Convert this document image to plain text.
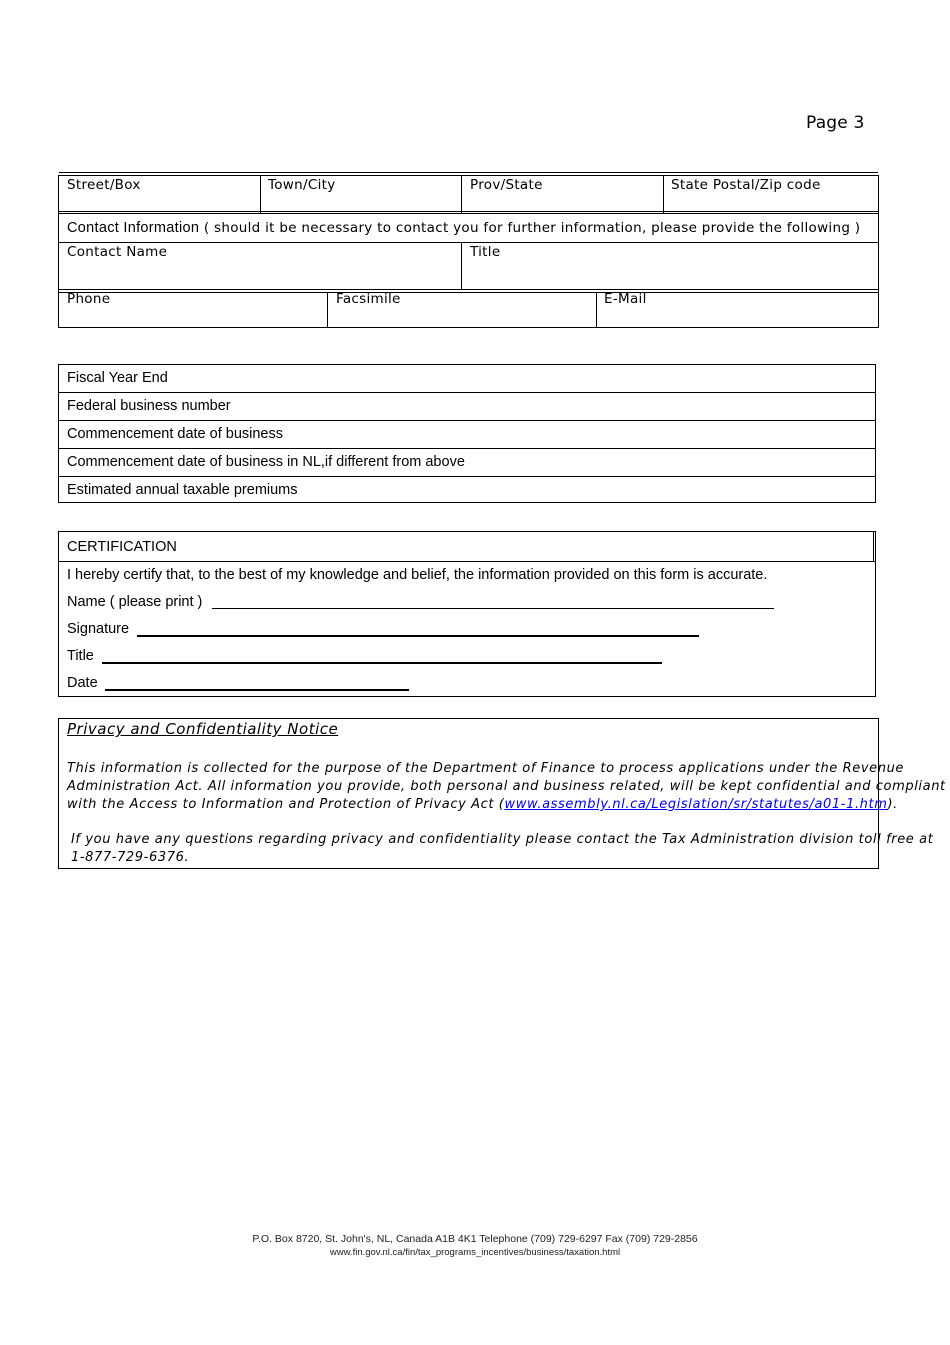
Page 3
Street/Box	Town/City	Prov/State	State Postal/Zip code
Contact Information ( should it be necessary to contact you for further information, please provide the following )
Contact Name	Title
Phone	Facsimile	E-Mail
Fiscal Year End
Federal business number
Commencement date of business
Commencement date of business in NL,if different from above
Estimated annual taxable premiums
CERTIFICATION
I hereby certify that, to the best of my knowledge and belief, the information provided on this form is accurate.
Name ( please print )
Signature
Title
Date
Privacy and Confidentiality Notice
This information is collected for the purpose of the Department of Finance to process applications under the Revenue
Administration Act. All information you provide, both personal and business related, will be kept confidential and compliant
with the Access to Information and Protection of Privacy Act (www.assembly.nl.ca/Legislation/sr/statutes/a01-1.htm).
If you have any questions regarding privacy and confidentiality please contact the Tax Administration division toll free at
1-877-729-6376.
P.O. Box 8720, St. John's, NL, Canada A1B 4K1 Telephone (709) 729-6297 Fax (709) 729-2856
www.fin.gov.nl.ca/fin/tax_programs_incentives/business/taxation.html
